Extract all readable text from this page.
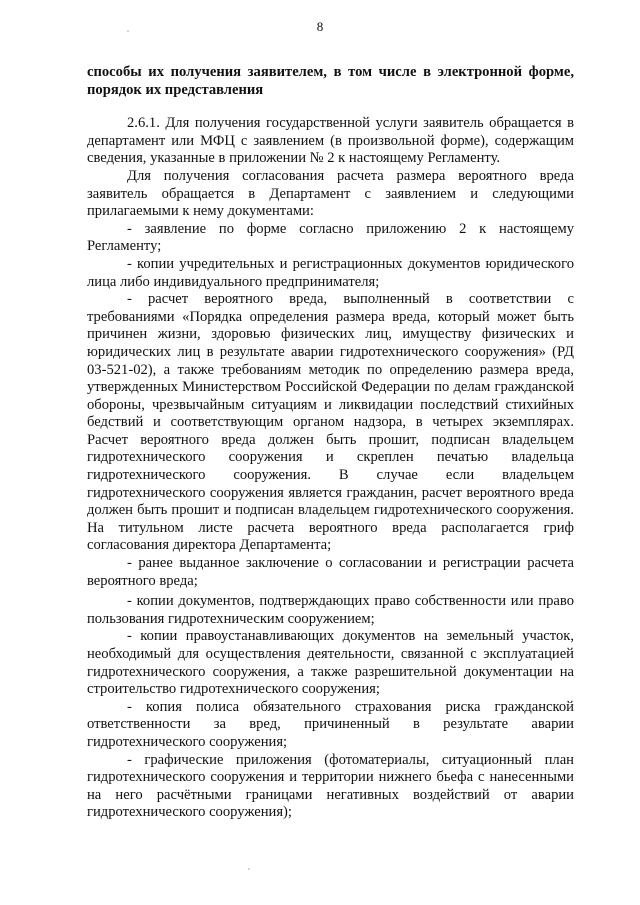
8

способы их получения заявителем, в том числе в электронной форме, порядок их представления

2.6.1. Для получения государственной услуги заявитель обращается в департамент или МФЦ с заявлением (в произвольной форме), содержащим сведения, указанные в приложении № 2 к настоящему Регламенту.

Для получения согласования расчета размера вероятного вреда заявитель обращается в Департамент с заявлением и следующими прилагаемыми к нему документами:

- заявление по форме согласно приложению 2 к настоящему Регламенту;

- копии учредительных и регистрационных документов юридического лица либо индивидуального предпринимателя;

- расчет вероятного вреда, выполненный в соответствии с требованиями «Порядка определения размера вреда, который может быть причинен жизни, здоровью физических лиц, имуществу физических и юридических лиц в результате аварии гидротехнического сооружения» (РД 03-521-02), а также требованиям методик по определению размера вреда, утвержденных Министерством Российской Федерации по делам гражданской обороны, чрезвычайным ситуациям и ликвидации последствий стихийных бедствий и соответствующим органом надзора, в четырех экземплярах. Расчет вероятного вреда должен быть прошит, подписан владельцем гидротехнического сооружения и скреплен печатью владельца гидротехнического сооружения. В случае если владельцем гидротехнического сооружения является гражданин, расчет вероятного вреда должен быть прошит и подписан владельцем гидротехнического сооружения. На титульном листе расчета вероятного вреда располагается гриф согласования директора Департамента;

- ранее выданное заключение о согласовании и регистрации расчета вероятного вреда;

- копии документов, подтверждающих право собственности или право пользования гидротехническим сооружением;

- копии правоустанавливающих документов на земельный участок, необходимый для осуществления деятельности, связанной с эксплуатацией гидротехнического сооружения, а также разрешительной документации на строительство гидротехнического сооружения;

- копия полиса обязательного страхования риска гражданской ответственности за вред, причиненный в результате аварии гидротехнического сооружения;

- графические приложения (фотоматериалы, ситуационный план гидротехнического сооружения и территории нижнего бьефа с нанесенными на него расчётными границами негативных воздействий от аварии гидротехнического сооружения);
